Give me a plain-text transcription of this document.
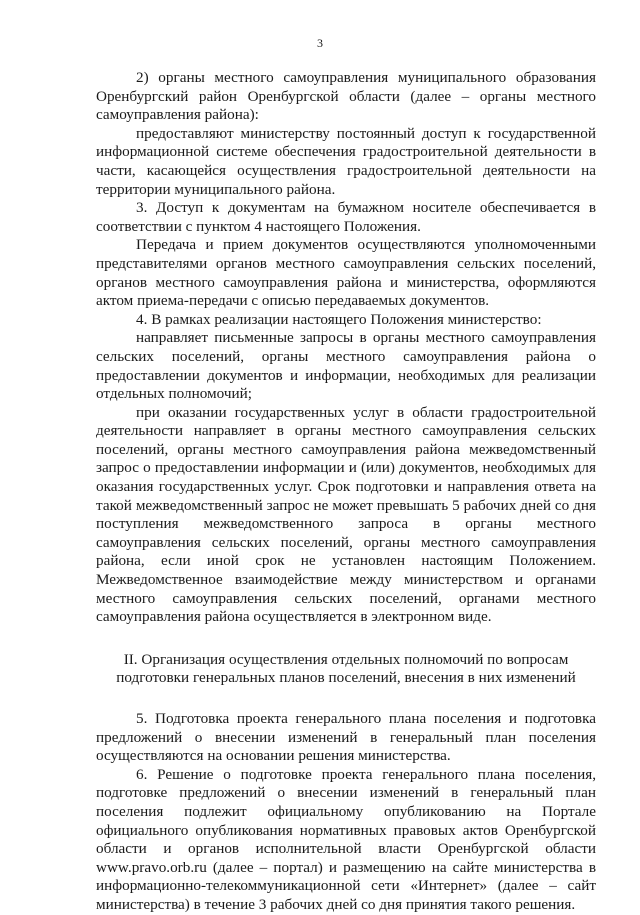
3

2) органы местного самоуправления муниципального образования Оренбургский район Оренбургской области (далее – органы местного самоуправления района):

предоставляют министерству постоянный доступ к государственной информационной системе обеспечения градостроительной деятельности в части, касающейся осуществления градостроительной деятельности на территории муниципального района.

3. Доступ к документам на бумажном носителе обеспечивается в соответствии с пунктом 4 настоящего Положения.

Передача и прием документов осуществляются уполномоченными представителями органов местного самоуправления сельских поселений, органов местного самоуправления района и министерства, оформляются актом приема-передачи с описью передаваемых документов.

4. В рамках реализации настоящего Положения министерство:

направляет письменные запросы в органы местного самоуправления сельских поселений, органы местного самоуправления района о предоставлении документов и информации, необходимых для реализации отдельных полномочий;

при оказании государственных услуг в области градостроительной деятельности направляет в органы местного самоуправления сельских поселений, органы местного самоуправления района межведомственный запрос о предоставлении информации и (или) документов, необходимых для оказания государственных услуг. Срок подготовки и направления ответа на такой межведомственный запрос не может превышать 5 рабочих дней со дня поступления межведомственного запроса в органы местного самоуправления сельских поселений, органы местного самоуправления района, если иной срок не установлен настоящим Положением. Межведомственное взаимодействие между министерством и органами местного самоуправления сельских поселений, органами местного самоуправления района осуществляется в электронном виде.

II. Организация осуществления отдельных полномочий по вопросам подготовки генеральных планов поселений, внесения в них изменений

5. Подготовка проекта генерального плана поселения и подготовка предложений о внесении изменений в генеральный план поселения осуществляются на основании решения министерства.

6. Решение о подготовке проекта генерального плана поселения, подготовке предложений о внесении изменений в генеральный план поселения подлежит официальному опубликованию на Портале официального опубликования нормативных правовых актов Оренбургской области и органов исполнительной власти Оренбургской области www.pravo.orb.ru (далее – портал) и размещению на сайте министерства в информационно-телекоммуникационной сети «Интернет» (далее – сайт министерства) в течение 3 рабочих дней со дня принятия такого решения.
